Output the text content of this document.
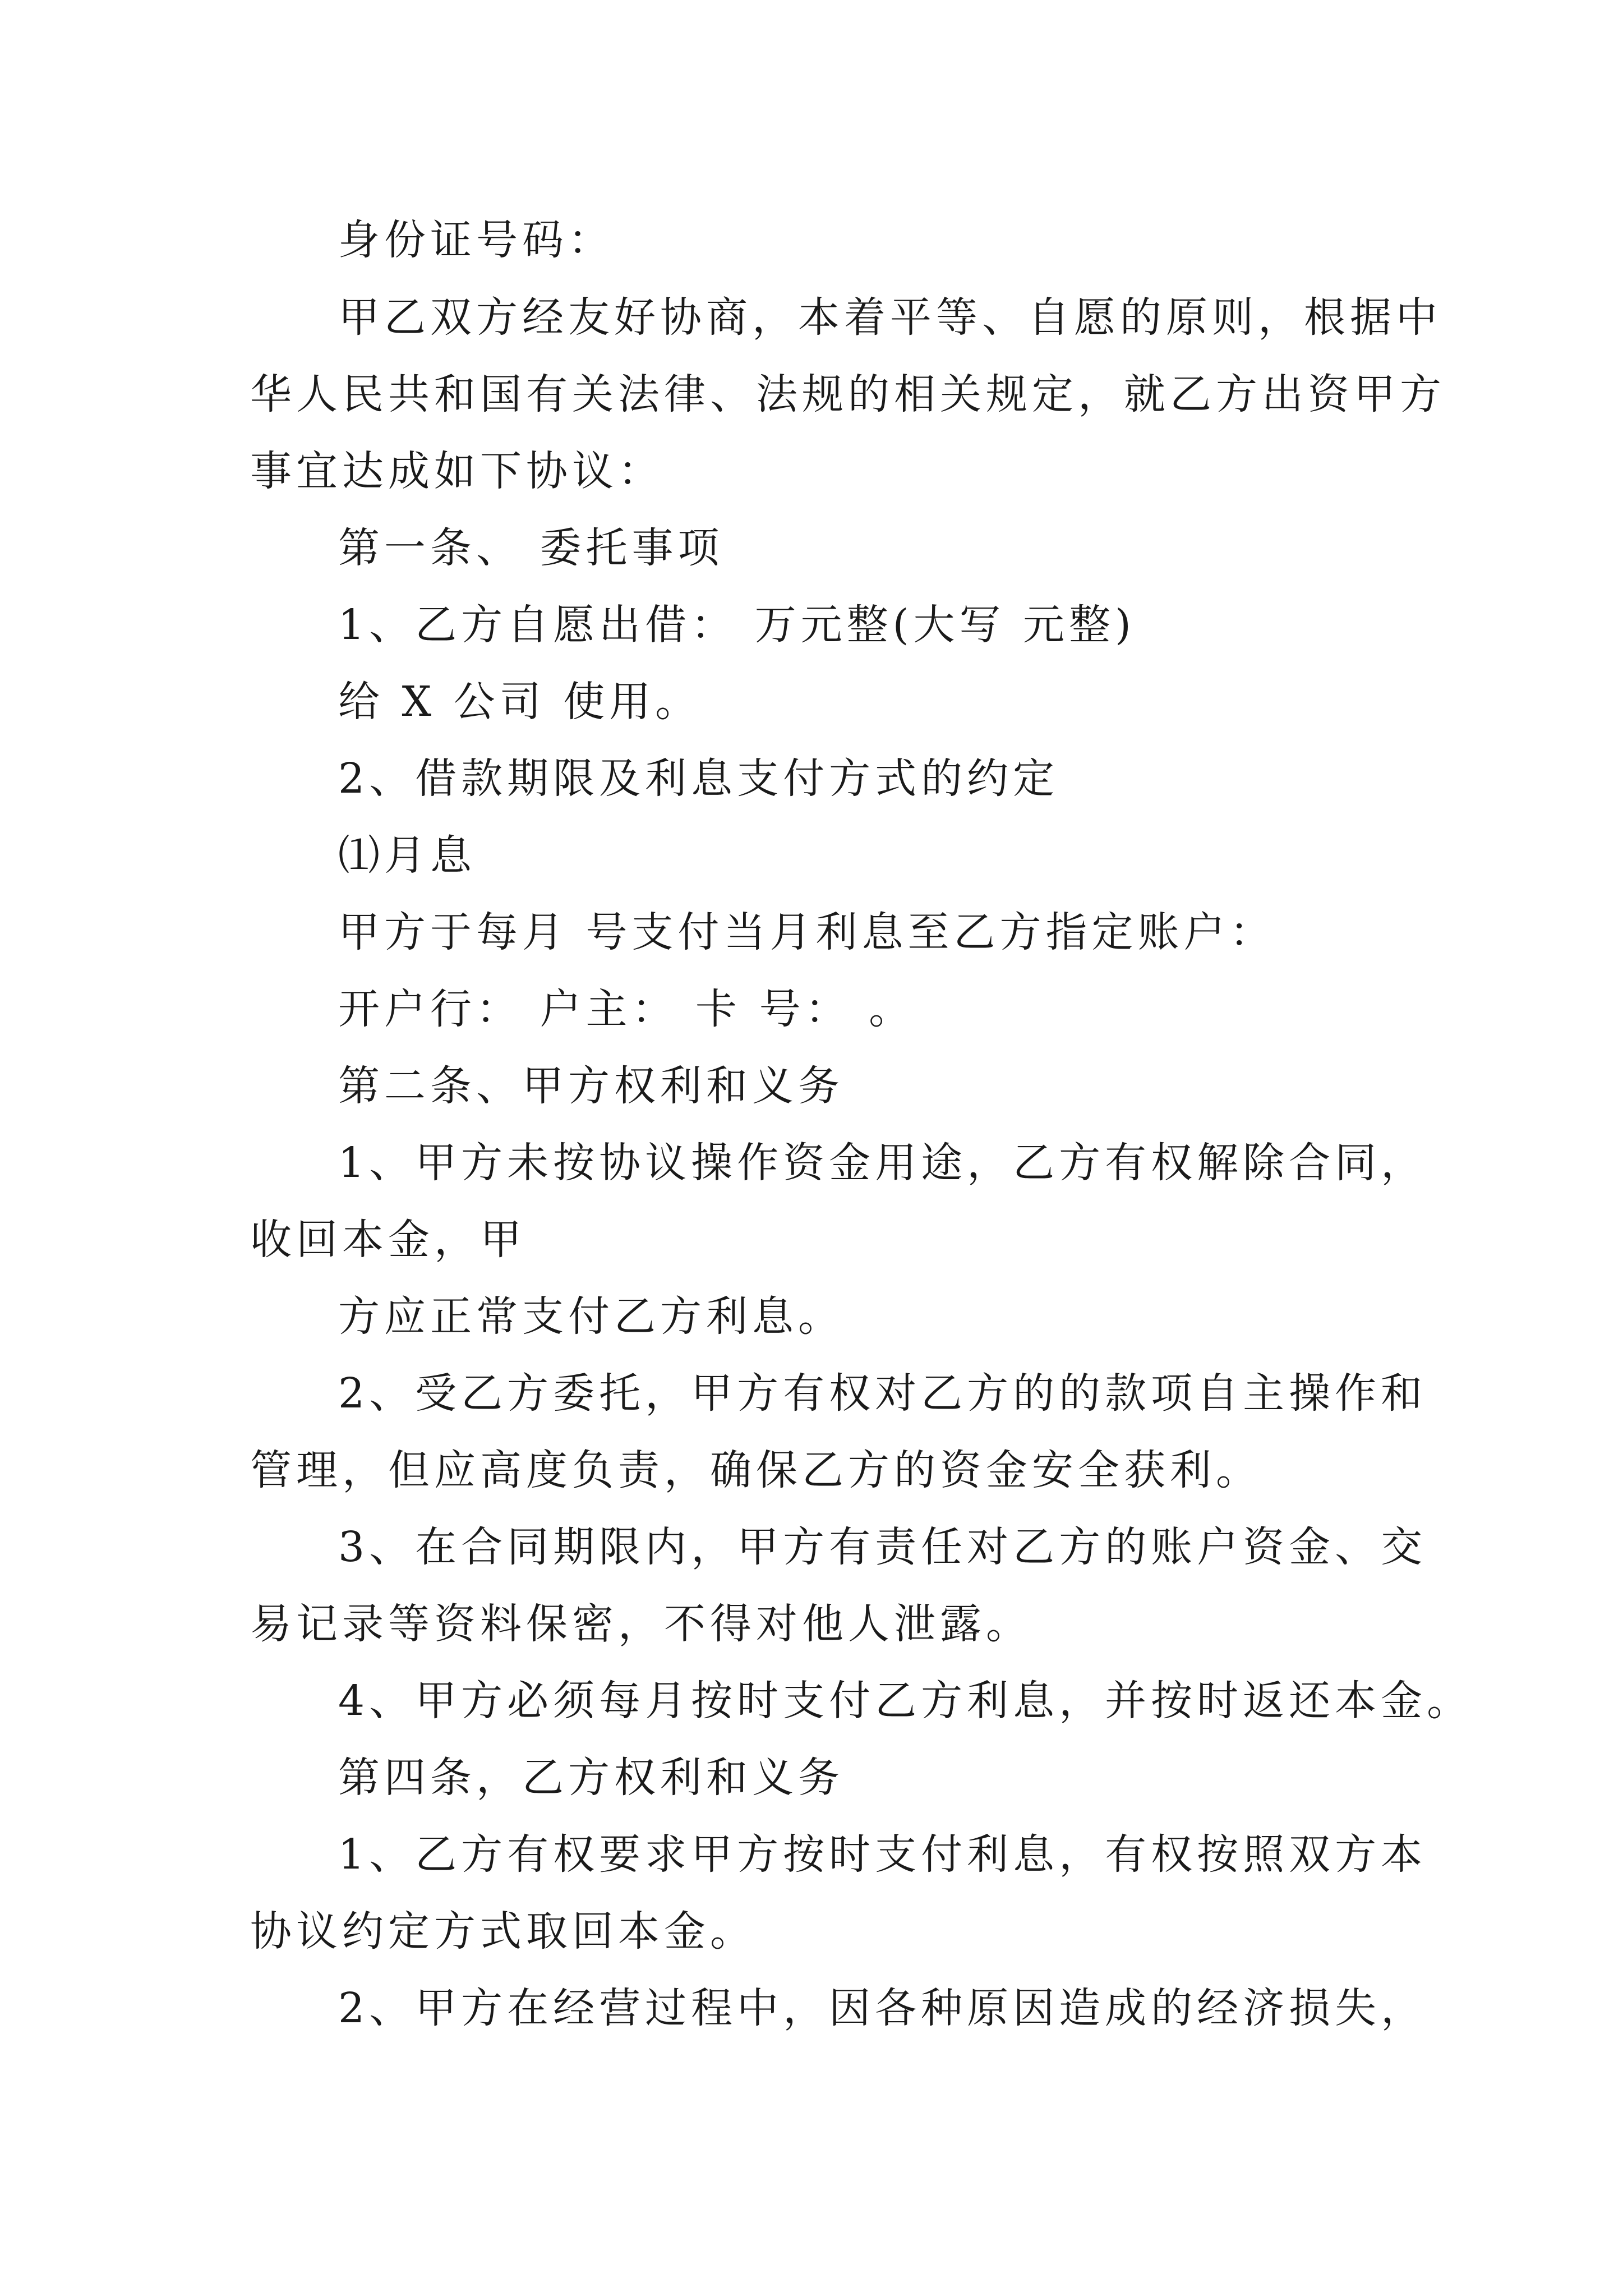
身份证号码：
甲乙双方经友好协商，本着平等、自愿的原则，根据中
华人民共和国有关法律、法规的相关规定，就乙方出资甲方
事宜达成如下协议：
第一条、 委托事项
1、乙方自愿出借： 万元整(大写 元整)
给 X 公司 使用。
2、借款期限及利息支付方式的约定
⑴月息
甲方于每月 号支付当月利息至乙方指定账户：
开户行： 户主： 卡 号： 。
第二条、甲方权利和义务
1、甲方未按协议操作资金用途，乙方有权解除合同，
收回本金，甲
方应正常支付乙方利息。
2、受乙方委托，甲方有权对乙方的的款项自主操作和
管理，但应高度负责，确保乙方的资金安全获利。
3、在合同期限内，甲方有责任对乙方的账户资金、交
易记录等资料保密，不得对他人泄露。
4、甲方必须每月按时支付乙方利息，并按时返还本金。
第四条，乙方权利和义务
1、乙方有权要求甲方按时支付利息，有权按照双方本
协议约定方式取回本金。
2、甲方在经营过程中，因各种原因造成的经济损失，
